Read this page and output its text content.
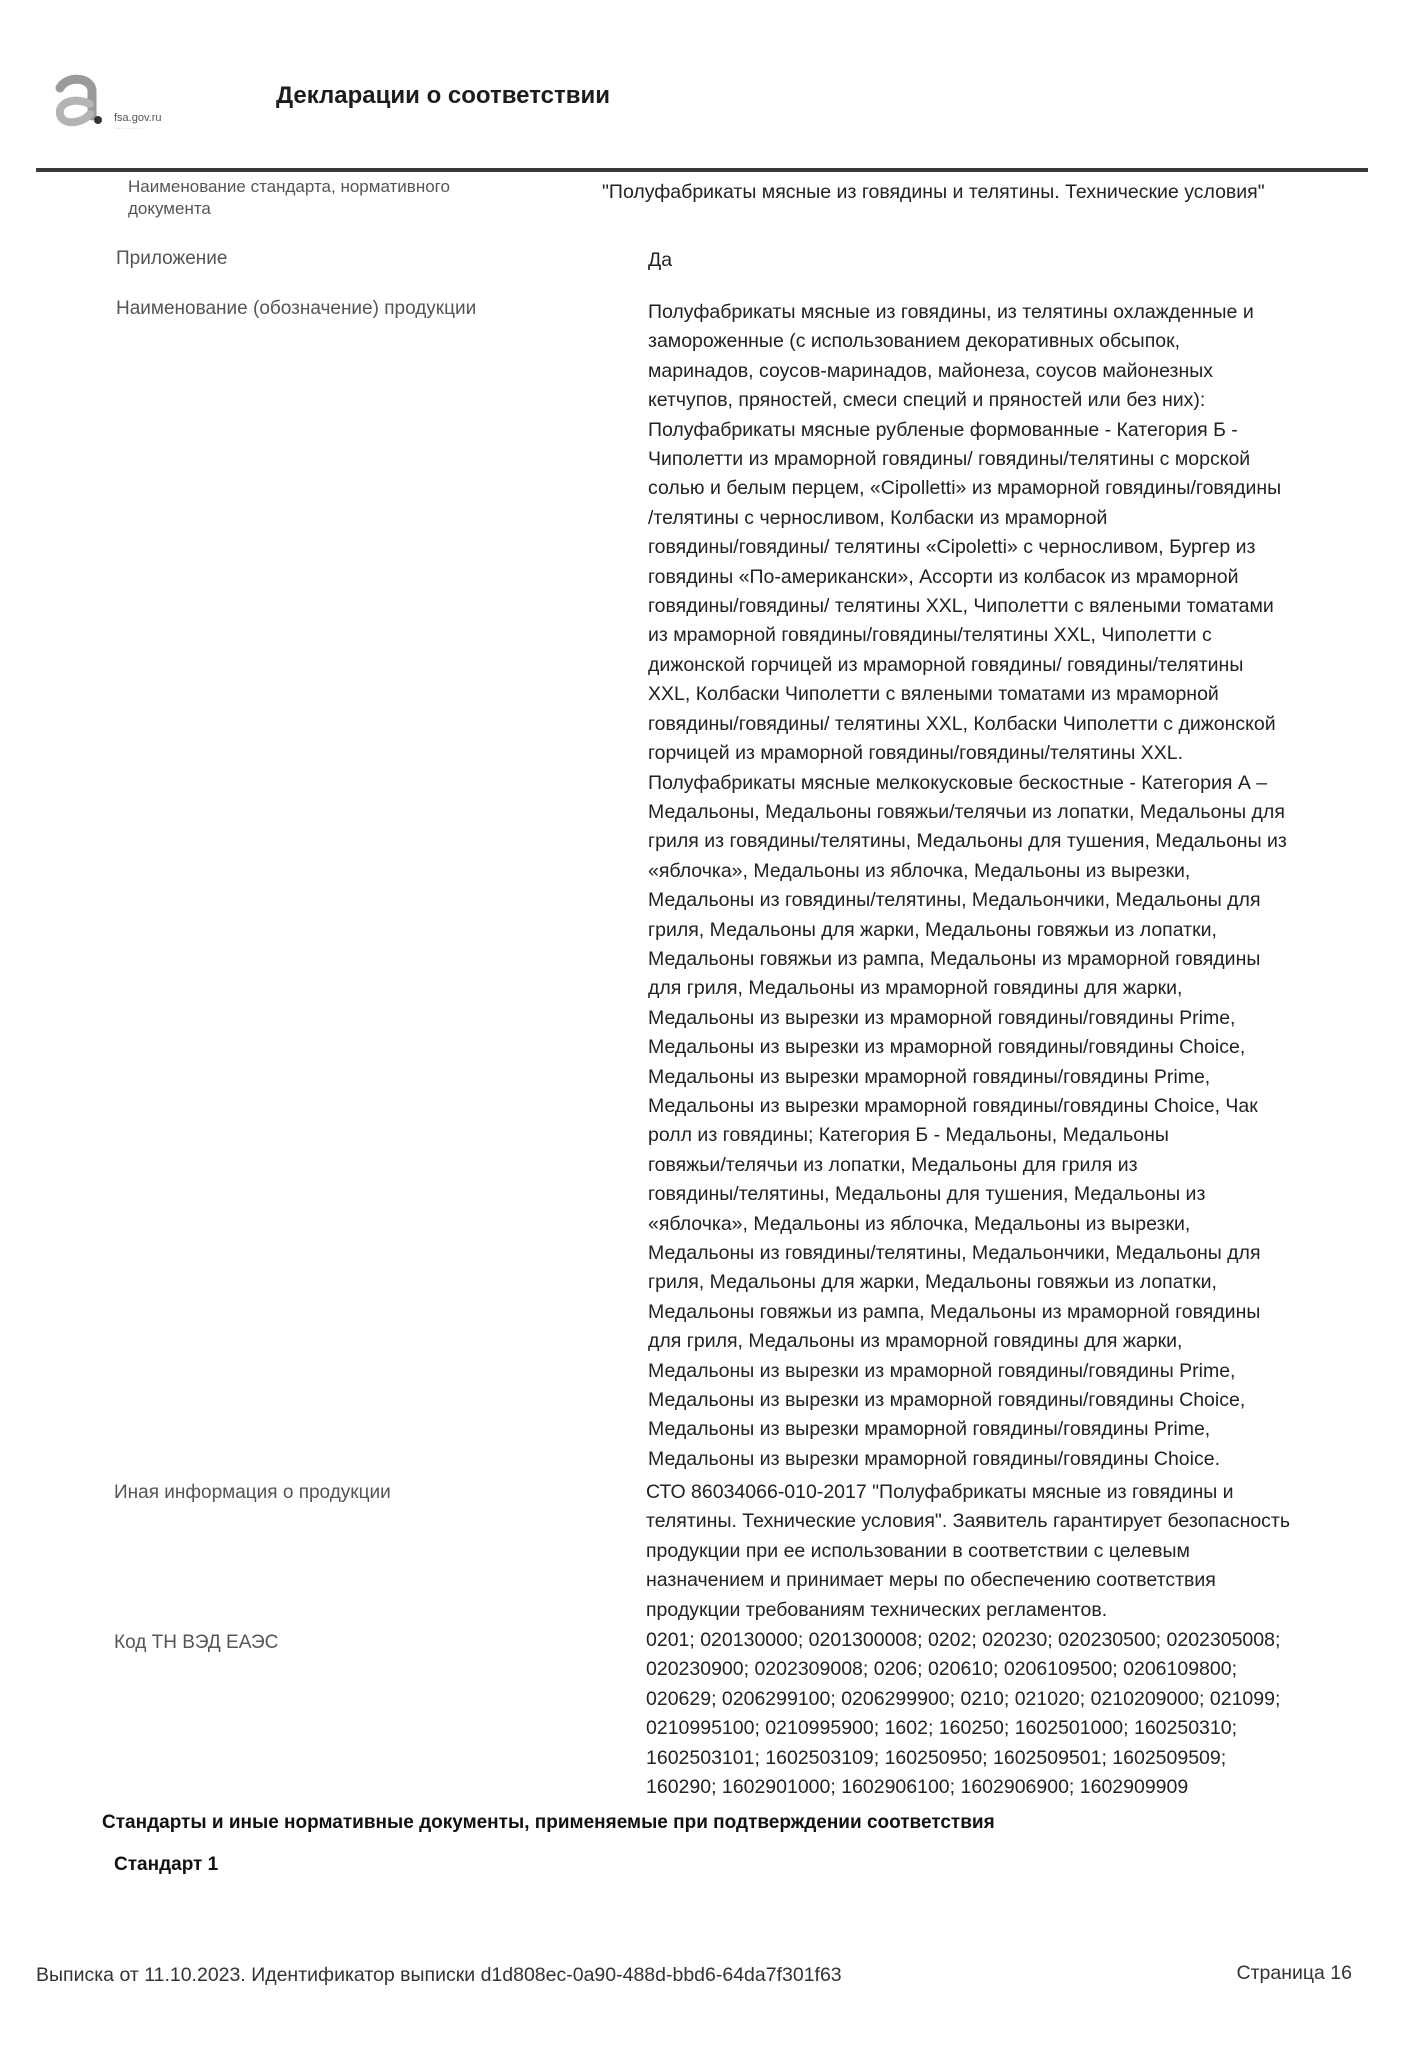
fsa.gov.ru
············
Декларации о соответствии
Наименование стандарта, нормативного
документа
"Полуфабрикаты мясные из говядины и телятины. Технические условия"
Приложение	Да
Наименование (обозначение) продукции	Полуфабрикаты мясные из говядины, из телятины охлажденные и
замороженные (с использованием декоративных обсыпок,
маринадов, соусов-маринадов, майонеза, соусов майонезных
кетчупов, пряностей, смеси специй и пряностей или без них):
Полуфабрикаты мясные рубленые формованные - Категория Б -
Чиполетти из мраморной говядины/ говядины/телятины с морской
солью и белым перцем, «Cipolletti» из мраморной говядины/говядины
/телятины с черносливом, Колбаски из мраморной
говядины/говядины/ телятины «Cipoletti» с черносливом, Бургер из
говядины «По-американски», Ассорти из колбасок из мраморной
говядины/говядины/ телятины XXL, Чиполетти с вялеными томатами
из мраморной говядины/говядины/телятины XXL, Чиполетти с
дижонской горчицей из мраморной говядины/ говядины/телятины
XXL, Колбаски Чиполетти с вялеными томатами из мраморной
говядины/говядины/ телятины XXL, Колбаски Чиполетти с дижонской
горчицей из мраморной говядины/говядины/телятины XXL.
Полуфабрикаты мясные мелкокусковые бескостные - Категория А –
Медальоны, Медальоны говяжьи/телячьи из лопатки, Медальоны для
гриля из говядины/телятины, Медальоны для тушения, Медальоны из
«яблочка», Медальоны из яблочка, Медальоны из вырезки,
Медальоны из говядины/телятины, Медальончики, Медальоны для
гриля, Медальоны для жарки, Медальоны говяжьи из лопатки,
Медальоны говяжьи из рампа, Медальоны из мраморной говядины
для гриля, Медальоны из мраморной говядины для жарки,
Медальоны из вырезки из мраморной говядины/говядины Prime,
Медальоны из вырезки из мраморной говядины/говядины Choice,
Медальоны из вырезки мраморной говядины/говядины Prime,
Медальоны из вырезки мраморной говядины/говядины Choice, Чак
ролл из говядины; Категория Б - Медальоны, Медальоны
говяжьи/телячьи из лопатки, Медальоны для гриля из
говядины/телятины, Медальоны для тушения, Медальоны из
«яблочка», Медальоны из яблочка, Медальоны из вырезки,
Медальоны из говядины/телятины, Медальончики, Медальоны для
гриля, Медальоны для жарки, Медальоны говяжьи из лопатки,
Медальоны говяжьи из рампа, Медальоны из мраморной говядины
для гриля, Медальоны из мраморной говядины для жарки,
Медальоны из вырезки из мраморной говядины/говядины Prime,
Медальоны из вырезки из мраморной говядины/говядины Choice,
Медальоны из вырезки мраморной говядины/говядины Prime,
Медальоны из вырезки мраморной говядины/говядины Choice.
Иная информация о продукции	СТО 86034066-010-2017 "Полуфабрикаты мясные из говядины и
телятины. Технические условия". Заявитель гарантирует безопасность
продукции при ее использовании в соответствии с целевым
назначением и принимает меры по обеспечению соответствия
продукции требованиям технических регламентов.
Код ТН ВЭД ЕАЭС	0201; 020130000; 0201300008; 0202; 020230; 020230500; 0202305008;
020230900; 0202309008; 0206; 020610; 0206109500; 0206109800;
020629; 0206299100; 0206299900; 0210; 021020; 0210209000; 021099;
0210995100; 0210995900; 1602; 160250; 1602501000; 160250310;
1602503101; 1602503109; 160250950; 1602509501; 1602509509;
160290; 1602901000; 1602906100; 1602906900; 1602909909
Стандарты и иные нормативные документы, применяемые при подтверждении соответствия
Стандарт 1
Выписка от 11.10.2023. Идентификатор выписки d1d808ec-0a90-488d-bbd6-64da7f301f63	Страница 16
